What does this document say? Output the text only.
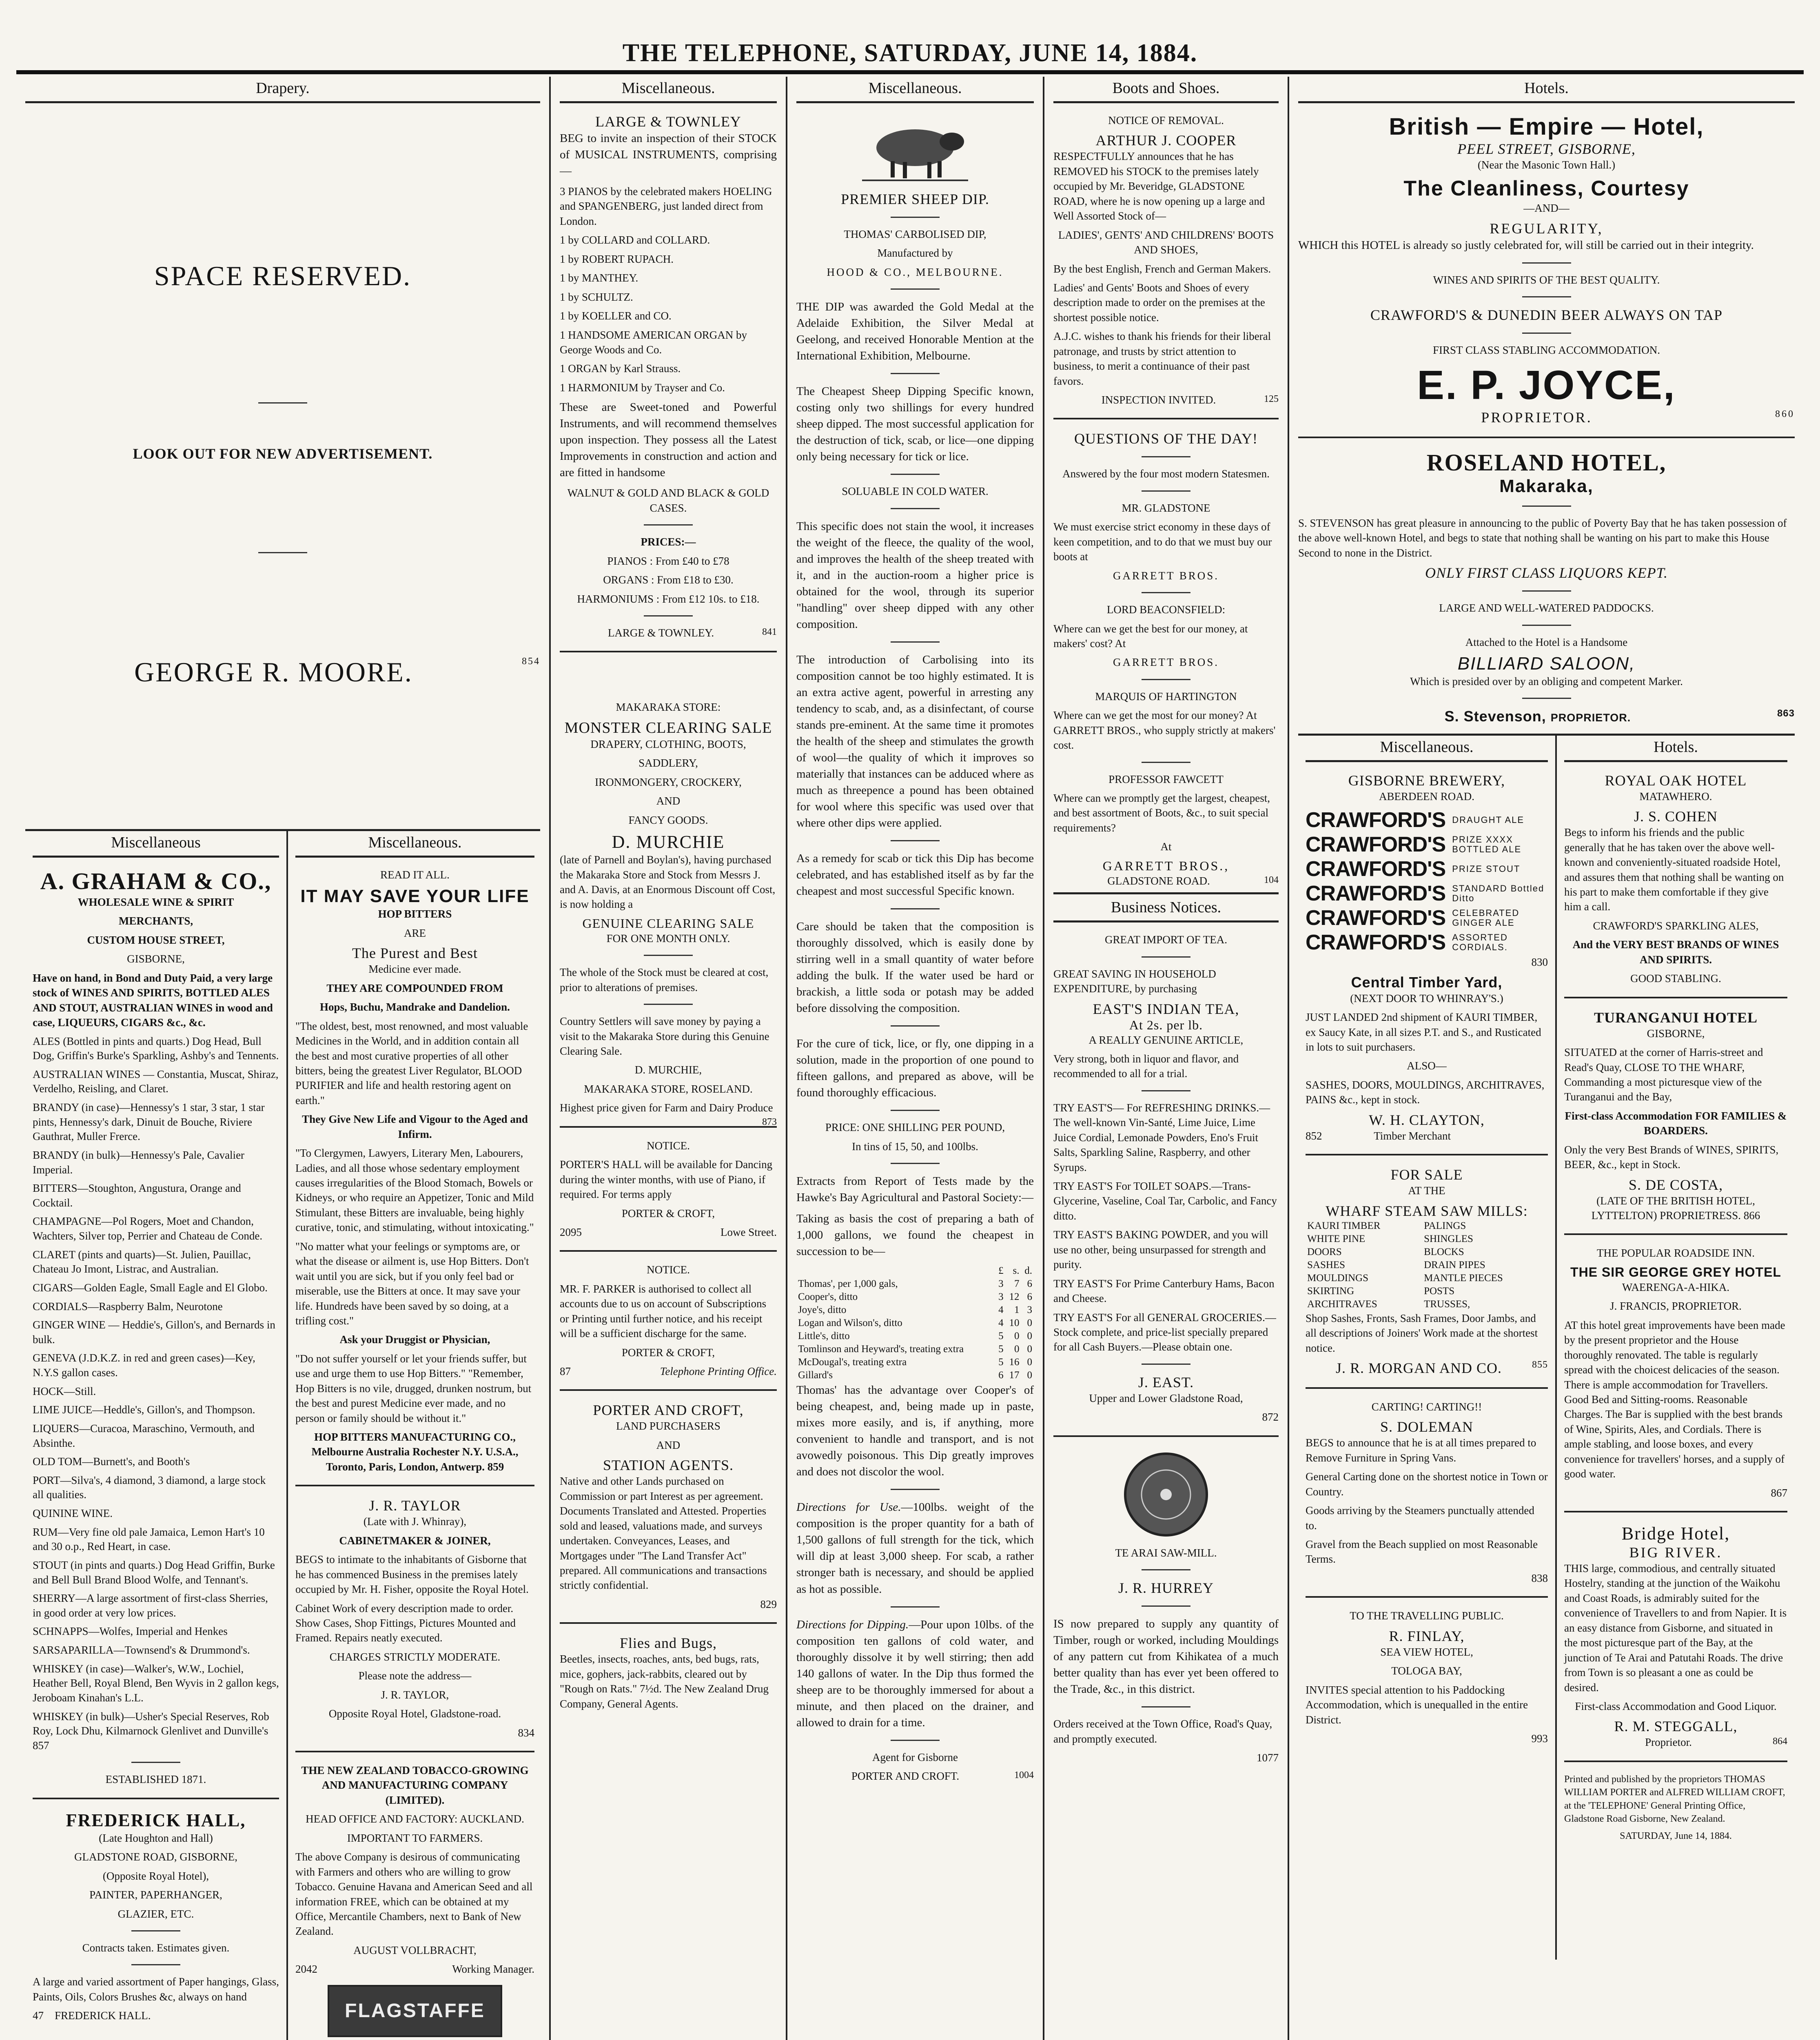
THE TELEPHONE, SATURDAY, JUNE 14, 1884.
Drapery.
SPACE RESERVED.
LOOK OUT FOR NEW ADVERTISEMENT.
GEORGE R. MOORE.	854
Miscellaneous
A. GRAHAM & CO.,
WHOLESALE WINE & SPIRIT
MERCHANTS,
CUSTOM HOUSE STREET,
GISBORNE,
Have on hand, in Bond and Duty Paid, a very large stock of WINES AND SPIRITS, BOTTLED ALES AND STOUT, AUSTRALIAN WINES in wood and case, LIQUEURS, CIGARS &c., &c.
ALES (Bottled in pints and quarts.) Dog Head, Bull Dog, Griffin's Burke's Sparkling, Ashby's and Tennents.
AUSTRALIAN WINES — Constantia, Muscat, Shiraz, Verdelho, Reisling, and Claret.
BRANDY (in case)—Hennessy's 1 star, 3 star, 1 star pints, Hennessy's dark, Dinuit de Bouche, Riviere Gauthrat, Muller Frerce.
BRANDY (in bulk)—Hennessy's Pale, Cavalier Imperial.
BITTERS—Stoughton, Angustura, Orange and Cocktail.
CHAMPAGNE—Pol Rogers, Moet and Chandon, Wachters, Silver top, Perrier and Chateau de Conde.
CLARET (pints and quarts)—St. Julien, Pauillac, Chateau Jo Imont, Listrac, and Australian.
CIGARS—Golden Eagle, Small Eagle and El Globo.
CORDIALS—Raspberry Balm, Neurotone
GINGER WINE — Heddie's, Gillon's, and Bernards in bulk.
GENEVA (J.D.K.Z. in red and green cases)—Key, N.Y.S gallon cases.
HOCK—Still.
LIME JUICE—Heddle's, Gillon's, and Thompson.
LIQUERS—Curacoa, Maraschino, Vermouth, and Absinthe.
OLD TOM—Burnett's, and Booth's
PORT—Silva's, 4 diamond, 3 diamond, a large stock all qualities.
QUININE WINE.
RUM—Very fine old pale Jamaica, Lemon Hart's 10 and 30 o.p., Red Heart, in case.
STOUT (in pints and quarts.) Dog Head Griffin, Burke and Bell Bull Brand Blood Wolfe, and Tennant's.
SHERRY—A large assortment of first-class Sherries, in good order at very low prices.
SCHNAPPS—Wolfes, Imperial and Henkes
SARSAPARILLA—Townsend's & Drummond's.
WHISKEY (in case)—Walker's, W.W., Lochiel, Heather Bell, Royal Blend, Ben Wyvis in 2 gallon kegs, Jeroboam Kinahan's L.L.
WHISKEY (in bulk)—Usher's Special Reserves, Rob Roy, Lock Dhu, Kilmarnock Glenlivet and Dunville's 857
ESTABLISHED 1871.
FREDERICK HALL,
(Late Houghton and Hall)
GLADSTONE ROAD, GISBORNE,
(Opposite Royal Hotel),
PAINTER, PAPERHANGER,
GLAZIER, ETC.
Contracts taken. Estimates given.
A large and varied assortment of Paper hangings, Glass, Paints, Oils, Colors Brushes &c, always on hand
47 FREDERICK HALL.
Miscellaneous.
READ IT ALL.
IT MAY SAVE YOUR LIFE
HOP BITTERS
ARE
The Purest and Best
Medicine ever made.
THEY ARE COMPOUNDED FROM
Hops, Buchu, Mandrake and Dandelion.
"The oldest, best, most renowned, and most valuable Medicines in the World, and in addition contain all the best and most curative properties of all other bitters, being the greatest Liver Regulator, BLOOD PURIFIER and life and health restoring agent on earth."
They Give New Life and Vigour to the Aged and Infirm.
"To Clergymen, Lawyers, Literary Men, Labourers, Ladies, and all those whose sedentary employment causes irregularities of the Blood Stomach, Bowels or Kidneys, or who require an Appetizer, Tonic and Mild Stimulant, these Bitters are invaluable, being highly curative, tonic, and stimulating, without intoxicating."
"No matter what your feelings or symptoms are, or what the disease or ailment is, use Hop Bitters. Don't wait until you are sick, but if you only feel bad or miserable, use the Bitters at once. It may save your life. Hundreds have been saved by so doing, at a trifling cost."
Ask your Druggist or Physician,
"Do not suffer yourself or let your friends suffer, but use and urge them to use Hop Bitters." "Remember, Hop Bitters is no vile, drugged, drunken nostrum, but the best and purest Medicine ever made, and no person or family should be without it."
HOP BITTERS MANUFACTURING CO., Melbourne Australia Rochester N.Y. U.S.A., Toronto, Paris, London, Antwerp. 859
J. R. TAYLOR
(Late with J. Whinray),
CABINETMAKER & JOINER,
BEGS to intimate to the inhabitants of Gisborne that he has commenced Business in the premises lately occupied by Mr. H. Fisher, opposite the Royal Hotel.
Cabinet Work of every description made to order. Show Cases, Shop Fittings, Pictures Mounted and Framed. Repairs neatly executed.
CHARGES STRICTLY MODERATE.
Please note the address—
J. R. TAYLOR,
Opposite Royal Hotel, Gladstone-road.
834
THE NEW ZEALAND TOBACCO-GROWING AND MANUFACTURING COMPANY (LIMITED).
HEAD OFFICE AND FACTORY: AUCKLAND.
IMPORTANT TO FARMERS.
The above Company is desirous of communicating with Farmers and others who are willing to grow Tobacco. Genuine Havana and American Seed and all information FREE, which can be obtained at my Office, Mercantile Chambers, next to Bank of New Zealand.
AUGUST VOLLBRACHT,
2042	Working Manager.
FLAGSTAFFE
Miscellaneous.
LARGE & TOWNLEY
BEG to invite an inspection of their STOCK of MUSICAL INSTRUMENTS, comprising—
3 PIANOS by the celebrated makers HOELING and SPANGENBERG, just landed direct from London.
1 by COLLARD and COLLARD.
1 by ROBERT RUPACH.
1 by MANTHEY.
1 by SCHULTZ.
1 by KOELLER and CO.
1 HANDSOME AMERICAN ORGAN by George Woods and Co.
1 ORGAN by Karl Strauss.
1 HARMONIUM by Trayser and Co.
These are Sweet-toned and Powerful Instruments, and will recommend themselves upon inspection. They possess all the Latest Improvements in construction and action and are fitted in handsome
WALNUT & GOLD AND BLACK & GOLD CASES.
PRICES:—
PIANOS : From £40 to £78
ORGANS : From £18 to £30.
HARMONIUMS : From £12 10s. to £18.
LARGE & TOWNLEY.	841
MAKARAKA STORE:
MONSTER CLEARING SALE
DRAPERY, CLOTHING, BOOTS,
SADDLERY,
IRONMONGERY, CROCKERY,
AND
FANCY GOODS.
D. MURCHIE
(late of Parnell and Boylan's), having purchased the Makaraka Store and Stock from Messrs J. and A. Davis, at an Enormous Discount off Cost, is now holding a
GENUINE CLEARING SALE
FOR ONE MONTH ONLY.
The whole of the Stock must be cleared at cost, prior to alterations of premises.
Country Settlers will save money by paying a visit to the Makaraka Store during this Genuine Clearing Sale.
D. MURCHIE,
MAKARAKA STORE, ROSELAND.
Highest price given for Farm and Dairy Produce
873
NOTICE.
PORTER'S HALL will be available for Dancing during the winter months, with use of Piano, if required. For terms apply
PORTER & CROFT,
2095	Lowe Street.
NOTICE.
MR. F. PARKER is authorised to collect all accounts due to us on account of Subscriptions or Printing until further notice, and his receipt will be a sufficient discharge for the same.
PORTER & CROFT,
87	Telephone Printing Office.
PORTER AND CROFT,
LAND PURCHASERS
AND
STATION AGENTS.
Native and other Lands purchased on Commission or part Interest as per agreement. Documents Translated and Attested. Properties sold and leased, valuations made, and surveys undertaken. Conveyances, Leases, and Mortgages under "The Land Transfer Act" prepared. All communications and transactions strictly confidential.
829
Flies and Bugs,
Beetles, insects, roaches, ants, bed bugs, rats, mice, gophers, jack-rabbits, cleared out by "Rough on Rats." 7½d. The New Zealand Drug Company, General Agents.
Miscellaneous.
PREMIER SHEEP DIP.
THOMAS' CARBOLISED DIP,
Manufactured by
HOOD & CO., MELBOURNE.
THE DIP was awarded the Gold Medal at the Adelaide Exhibition, the Silver Medal at Geelong, and received Honorable Mention at the International Exhibition, Melbourne.
The Cheapest Sheep Dipping Specific known, costing only two shillings for every hundred sheep dipped. The most successful application for the destruction of tick, scab, or lice—one dipping only being necessary for tick or lice.
SOLUABLE IN COLD WATER.
This specific does not stain the wool, it increases the weight of the fleece, the quality of the wool, and improves the health of the sheep treated with it, and in the auction-room a higher price is obtained for the wool, through its superior "handling" over sheep dipped with any other composition.
The introduction of Carbolising into its composition cannot be too highly estimated. It is an extra active agent, powerful in arresting any tendency to scab, and, as a disinfectant, of course stands pre-eminent. At the same time it promotes the health of the sheep and stimulates the growth of wool—the quality of which it improves so materially that instances can be adduced where as much as threepence a pound has been obtained for wool where this specific was used over that where other dips were applied.
As a remedy for scab or tick this Dip has become celebrated, and has established itself as by far the cheapest and most successful Specific known.
Care should be taken that the composition is thoroughly dissolved, which is easily done by stirring well in a small quantity of water before adding the bulk. If the water used be hard or brackish, a little soda or potash may be added before dissolving the composition.
For the cure of tick, lice, or fly, one dipping in a solution, made in the proportion of one pound to fifteen gallons, and prepared as above, will be found thoroughly efficacious.
PRICE: ONE SHILLING PER POUND,
In tins of 15, 50, and 100lbs.
Extracts from Report of Tests made by the Hawke's Bay Agricultural and Pastoral Society:—
Taking as basis the cost of preparing a bath of 1,000 gallons, we found the cheapest in succession to be—
	£	s.	d.
Thomas', per 1,000 gals,	3	7	6
Cooper's, ditto	3	12	6
Joye's, ditto	4	1	3
Logan and Wilson's, ditto	4	10	0
Little's, ditto	5	0	0
Tomlinson and Heyward's, treating extra	5	0	0
McDougal's, treating extra	5	16	0
Gillard's	6	17	0
Thomas' has the advantage over Cooper's of being cheapest, and, being made up in paste, mixes more easily, and is, if anything, more convenient to handle and transport, and is not avowedly poisonous. This Dip greatly improves and does not discolor the wool.
Directions for Use.—100lbs. weight of the composition is the proper quantity for a bath of 1,500 gallons of full strength for the tick, which will dip at least 3,000 sheep. For scab, a rather stronger bath is necessary, and should be applied as hot as possible.
Directions for Dipping.—Pour upon 10lbs. of the composition ten gallons of cold water, and thoroughly dissolve it by well stirring; then add 140 gallons of water. In the Dip thus formed the sheep are to be thoroughly immersed for about a minute, and then placed on the drainer, and allowed to drain for a time.
Agent for Gisborne
PORTER AND CROFT.	1004
Boots and Shoes.
NOTICE OF REMOVAL.
ARTHUR J. COOPER
RESPECTFULLY announces that he has REMOVED his STOCK to the premises lately occupied by Mr. Beveridge, GLADSTONE ROAD, where he is now opening up a large and Well Assorted Stock of—
LADIES', GENTS' AND CHILDRENS' BOOTS AND SHOES,
By the best English, French and German Makers.
Ladies' and Gents' Boots and Shoes of every description made to order on the premises at the shortest possible notice.
A.J.C. wishes to thank his friends for their liberal patronage, and trusts by strict attention to business, to merit a continuance of their past favors.
INSPECTION INVITED.	125
QUESTIONS OF THE DAY!
Answered by the four most modern Statesmen.
MR. GLADSTONE
We must exercise strict economy in these days of keen competition, and to do that we must buy our boots at
GARRETT BROS.
LORD BEACONSFIELD:
Where can we get the best for our money, at makers' cost? At
GARRETT BROS.
MARQUIS OF HARTINGTON
Where can we get the most for our money? At GARRETT BROS., who supply strictly at makers' cost.
PROFESSOR FAWCETT
Where can we promptly get the largest, cheapest, and best assortment of Boots, &c., to suit special requirements?
At
GARRETT BROS.,
GLADSTONE ROAD.	104
Business Notices.
GREAT IMPORT OF TEA.
GREAT SAVING IN HOUSEHOLD EXPENDITURE, by purchasing
EAST'S INDIAN TEA,
At 2s. per lb.
A REALLY GENUINE ARTICLE,
Very strong, both in liquor and flavor, and recommended to all for a trial.
TRY EAST'S— For REFRESHING DRINKS.—The well-known Vin-Santé, Lime Juice, Lime Juice Cordial, Lemonade Powders, Eno's Fruit Salts, Sparkling Saline, Raspberry, and other Syrups.
TRY EAST'S For TOILET SOAPS.—Trans-Glycerine, Vaseline, Coal Tar, Carbolic, and Fancy ditto.
TRY EAST'S BAKING POWDER, and you will use no other, being unsurpassed for strength and purity.
TRY EAST'S For Prime Canterbury Hams, Bacon and Cheese.
TRY EAST'S For all GENERAL GROCERIES.—Stock complete, and price-list specially prepared for all Cash Buyers.—Please obtain one.
J. EAST.
Upper and Lower Gladstone Road,
872
TE ARAI SAW-MILL.
J. R. HURREY
IS now prepared to supply any quantity of Timber, rough or worked, including Mouldings of any pattern cut from Kihikatea of a much better quality than has ever yet been offered to the Trade, &c., in this district.
Orders received at the Town Office, Road's Quay, and promptly executed.
1077
Hotels.
British — Empire — Hotel,
PEEL STREET, GISBORNE,
(Near the Masonic Town Hall.)
The Cleanliness, Courtesy
—AND—
REGULARITY,
WHICH this HOTEL is already so justly celebrated for, will still be carried out in their integrity.
WINES AND SPIRITS OF THE BEST QUALITY.
CRAWFORD'S & DUNEDIN BEER ALWAYS ON TAP
FIRST CLASS STABLING ACCOMMODATION.
E. P. JOYCE,
PROPRIETOR.	860
ROSELAND HOTEL,
Makaraka,
S. STEVENSON has great pleasure in announcing to the public of Poverty Bay that he has taken possession of the above well-known Hotel, and begs to state that nothing shall be wanting on his part to make this House Second to none in the District.
ONLY FIRST CLASS LIQUORS KEPT.
LARGE AND WELL-WATERED PADDOCKS.
Attached to the Hotel is a Handsome
BILLIARD SALOON,
Which is presided over by an obliging and competent Marker.
S. Stevenson, PROPRIETOR.	863
Miscellaneous.
GISBORNE BREWERY,
ABERDEEN ROAD.
CRAWFORD'S DRAUGHT ALE
CRAWFORD'S PRIZE XXXX BOTTLED ALE
CRAWFORD'S PRIZE STOUT
CRAWFORD'S STANDARD Bottled Ditto
CRAWFORD'S CELEBRATED GINGER ALE
CRAWFORD'S ASSORTED CORDIALS.
830
Central Timber Yard,
(NEXT DOOR TO WHINRAY'S.)
JUST LANDED 2nd shipment of KAURI TIMBER, ex Saucy Kate, in all sizes P.T. and S., and Rusticated in lots to suit purchasers.
ALSO—
SASHES, DOORS, MOULDINGS, ARCHITRAVES, PAINS &c., kept in stock.
W. H. CLAYTON,
852	Timber Merchant
FOR SALE
AT THE
WHARF STEAM SAW MILLS:
KAURI TIMBER	PALINGS
WHITE PINE	SHINGLES
DOORS	BLOCKS
SASHES	DRAIN PIPES
MOULDINGS	MANTLE PIECES
SKIRTING	POSTS
ARCHITRAVES	TRUSSES,
Shop Sashes, Fronts, Sash Frames, Door Jambs, and all descriptions of Joiners' Work made at the shortest notice.
J. R. MORGAN AND CO.	855
CARTING! CARTING!!
S. DOLEMAN
BEGS to announce that he is at all times prepared to Remove Furniture in Spring Vans.
General Carting done on the shortest notice in Town or Country.
Goods arriving by the Steamers punctually attended to.
Gravel from the Beach supplied on most Reasonable Terms.
838
TO THE TRAVELLING PUBLIC.
R. FINLAY,
SEA VIEW HOTEL,
TOLOGA BAY,
INVITES special attention to his Paddocking Accommodation, which is unequalled in the entire District.
993
Hotels.
ROYAL OAK HOTEL
MATAWHERO.
J. S. COHEN
Begs to inform his friends and the public generally that he has taken over the above well-known and conveniently-situated roadside Hotel, and assures them that nothing shall be wanting on his part to make them comfortable if they give him a call.
CRAWFORD'S SPARKLING ALES,
And the VERY BEST BRANDS OF WINES AND SPIRITS.
GOOD STABLING.
TURANGANUI HOTEL
GISBORNE,
SITUATED at the corner of Harris-street and Read's Quay, CLOSE TO THE WHARF, Commanding a most picturesque view of the Turanganui and the Bay,
First-class Accommodation FOR FAMILIES & BOARDERS.
Only the very Best Brands of WINES, SPIRITS, BEER, &c., kept in Stock.
S. DE COSTA,
(LATE OF THE BRITISH HOTEL, LYTTELTON) PROPRIETRESS. 866
THE POPULAR ROADSIDE INN.
THE SIR GEORGE GREY HOTEL
WAERENGA-A-HIKA.
J. FRANCIS, PROPRIETOR.
AT this hotel great improvements have been made by the present proprietor and the House thoroughly renovated. The table is regularly spread with the choicest delicacies of the season. There is ample accommodation for Travellers. Good Bed and Sitting-rooms. Reasonable Charges. The Bar is supplied with the best brands of Wine, Spirits, Ales, and Cordials. There is ample stabling, and loose boxes, and every convenience for travellers' horses, and a supply of good water.
867
Bridge Hotel,
BIG RIVER.
THIS large, commodious, and centrally situated Hostelry, standing at the junction of the Waikohu and Coast Roads, is admirably suited for the convenience of Travellers to and from Napier. It is an easy distance from Gisborne, and situated in the most picturesque part of the Bay, at the junction of Te Arai and Patutahi Roads. The drive from Town is so pleasant a one as could be desired.
First-class Accommodation and Good Liquor.
R. M. STEGGALL,
Proprietor.	864
Printed and published by the proprietors THOMAS WILLIAM PORTER and ALFRED WILLIAM CROFT, at the 'TELEPHONE' General Printing Office, Gladstone Road Gisborne, New Zealand.
SATURDAY, June 14, 1884.
